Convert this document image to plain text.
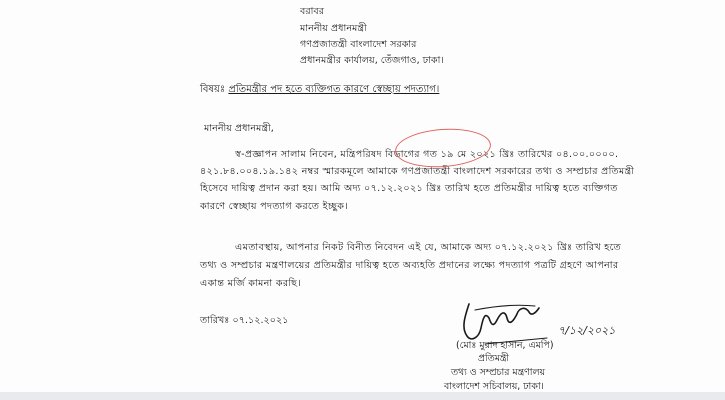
বরাবর
মাননীয় প্রধানমন্ত্রী
গণপ্রজাতন্ত্রী বাংলাদেশ সরকার
প্রধানমন্ত্রীর কার্যালয়, তেঁজগাও, ঢাকা।
বিষয়ঃ প্রতিমন্ত্রীর পদ হতে ব্যক্তিগত কারণে স্বেচ্ছায় পদত্যাগ।
মাননীয় প্রধানমন্ত্রী,
স্ব-প্রজ্ঞাপন সালাম নিবেন, মন্ত্রিপরিষদ বিভাগের গত ১৯ মে ২০২১ খ্রিঃ তারিখের ০৪.০০.০০০০.
৪২১.৮৪.০০৪.১৯.১৪২ নম্বর স্মারকমূলে আমাকে গণপ্রজাতন্ত্রী বাংলাদেশ সরকারের তথ্য ও সম্প্রচার প্রতিমন্ত্রী
হিসেবে দায়িত্ব প্রদান করা হয়। আমি অদ্য ০৭.১২.২০২১ খ্রিঃ তারিখ হতে প্রতিমন্ত্রীর দায়িত্ব হতে ব্যক্তিগত
কারণে স্বেচ্ছায় পদত্যাগ করতে ইচ্ছুক।
এমতাবস্থায়, আপনার নিকট বিনীত নিবেদন এই যে, আমাকে অদ্য ০৭.১২.২০২১ খ্রিঃ তারিখ হতে
তথ্য ও সম্প্রচার মন্ত্রণালয়ের প্রতিমন্ত্রীর দায়িত্ব হতে অব্যহতি প্রদানের লক্ষ্যে পদত্যাগ পত্রটি গ্রহণে আপনার
একান্ত মর্জি কামনা করছি।
তারিখঃ ০৭.১২.২০২১
৭/১২/২০২১
(মোঃ মুরাদ হাসান, এমপি)
প্রতিমন্ত্রী
তথ্য ও সম্প্রচার মন্ত্রণালয়
বাংলাদেশ সচিবালয়, ঢাকা।
